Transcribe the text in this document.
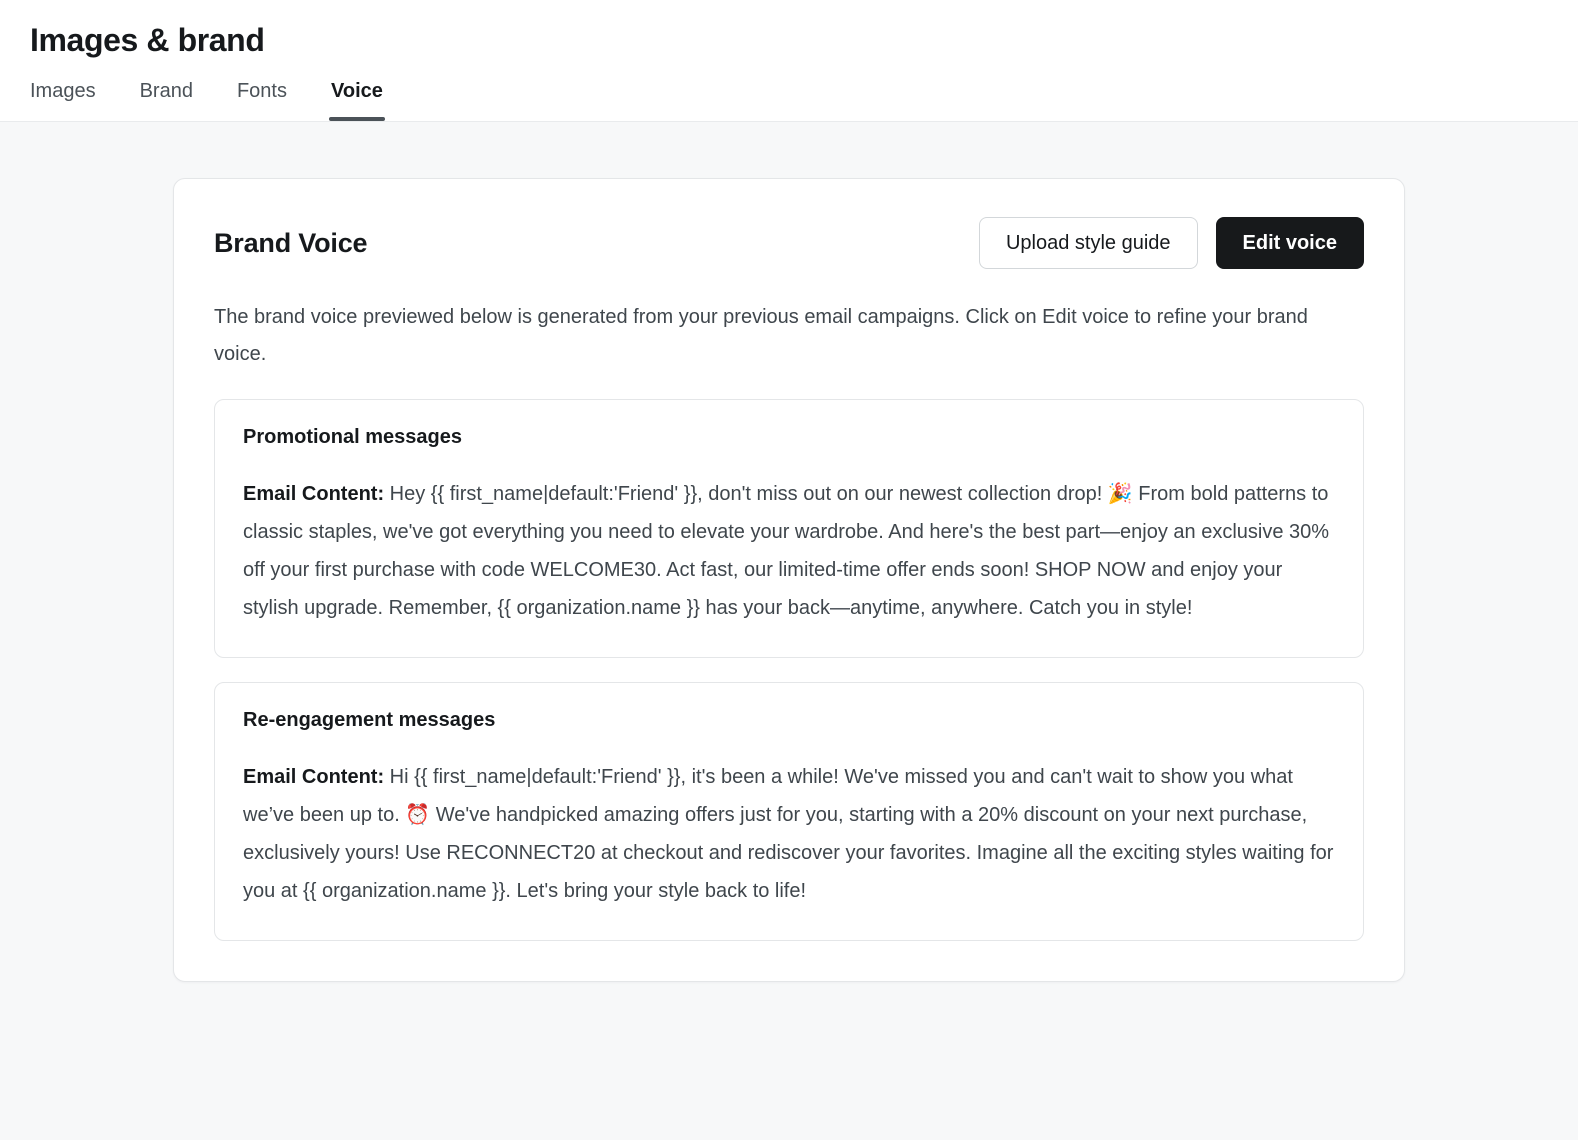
Images & brand
Images	Brand	Fonts	Voice
Brand Voice	Upload style guide	Edit voice
The brand voice previewed below is generated from your previous email campaigns. Click on Edit voice to refine your brand voice.
Promotional messages
Email Content: Hey {{ first_name|default:'Friend' }}, don't miss out on our newest collection drop! 🎉 From bold patterns to classic staples, we've got everything you need to elevate your wardrobe. And here's the best part—enjoy an exclusive 30% off your first purchase with code WELCOME30. Act fast, our limited-time offer ends soon! SHOP NOW and enjoy your stylish upgrade. Remember, {{ organization.name }} has your back—anytime, anywhere. Catch you in style!
Re-engagement messages
Email Content: Hi {{ first_name|default:'Friend' }}, it's been a while! We've missed you and can't wait to show you what we’ve been up to. ⏰ We've handpicked amazing offers just for you, starting with a 20% discount on your next purchase, exclusively yours! Use RECONNECT20 at checkout and rediscover your favorites. Imagine all the exciting styles waiting for you at {{ organization.name }}. Let's bring your style back to life!
